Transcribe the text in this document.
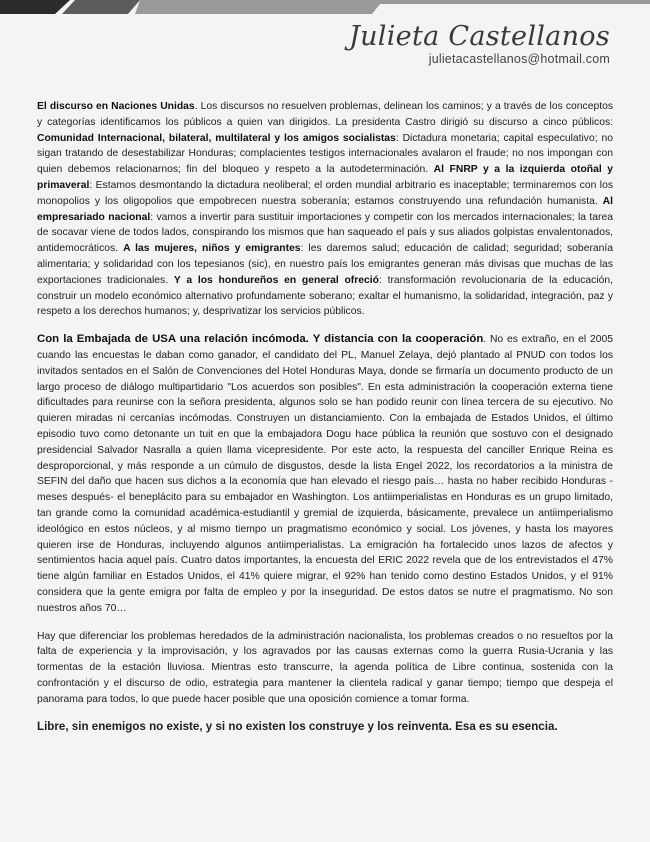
Julieta Castellanos
julietacastellanos@hotmail.com

El discurso en Naciones Unidas. Los discursos no resuelven problemas, delinean los caminos; y a través de los conceptos y categorías identificamos los públicos a quien van dirigidos. La presidenta Castro dirigió su discurso a cinco públicos: Comunidad Internacional, bilateral, multilateral y los amigos socialistas: Dictadura monetaria; capital especulativo; no sigan tratando de desestabilizar Honduras; complacientes testigos internacionales avalaron el fraude; no nos impongan con quien debemos relacionarnos; fin del bloqueo y respeto a la autodeterminación. Al FNRP y a la izquierda otoñal y primaveral: Estamos desmontando la dictadura neoliberal; el orden mundial arbitrario es inaceptable; terminaremos con los monopolios y los oligopolios que empobrecen nuestra soberanía; estamos construyendo una refundación humanista. Al empresariado nacional: vamos a invertir para sustituir importaciones y competir con los mercados internacionales; la tarea de socavar viene de todos lados, conspirando los mismos que han saqueado el país y sus aliados golpistas envalentonados, antidemocráticos. A las mujeres, niños y emigrantes: les daremos salud; educación de calidad; seguridad; soberanía alimentaria; y solidaridad con los tepesianos (sic), en nuestro país los emigrantes generan más divisas que muchas de las exportaciones tradicionales. Y a los hondureños en general ofreció: transformación revolucionaria de la educación, construir un modelo económico alternativo profundamente soberano; exaltar el humanismo, la solidaridad, integración, paz y respeto a los derechos humanos; y, desprivatizar los servicios públicos.

Con la Embajada de USA una relación incómoda. Y distancia con la cooperación. No es extraño, en el 2005 cuando las encuestas le daban como ganador, el candidato del PL, Manuel Zelaya, dejó plantado al PNUD con todos los invitados sentados en el Salón de Convenciones del Hotel Honduras Maya, donde se firmaría un documento producto de un largo proceso de diálogo multipartidario "Los acuerdos son posibles". En esta administración la cooperación externa tiene dificultades para reunirse con la señora presidenta, algunos solo se han podido reunir con línea tercera de su ejecutivo. No quieren miradas ni cercanías incómodas. Construyen un distanciamiento. Con la embajada de Estados Unidos, el último episodio tuvo como detonante un tuit en que la embajadora Dogu hace pública la reunión que sostuvo con el designado presidencial Salvador Nasralla a quien llama vicepresidente. Por este acto, la respuesta del canciller Enrique Reina es desproporcional, y más responde a un cúmulo de disgustos, desde la lista Engel 2022, los recordatorios a la ministra de SEFIN del daño que hacen sus dichos a la economía que han elevado el riesgo país… hasta no haber recibido Honduras -meses después- el beneplácito para su embajador en Washington. Los antiimperialistas en Honduras es un grupo limitado, tan grande como la comunidad académica-estudiantil y gremial de izquierda, básicamente, prevalece un antiimperialismo ideológico en estos núcleos, y al mismo tiempo un pragmatismo económico y social. Los jóvenes, y hasta los mayores quieren irse de Honduras, incluyendo algunos antiimperialistas. La emigración ha fortalecido unos lazos de afectos y sentimientos hacia aquel país. Cuatro datos importantes, la encuesta del ERIC 2022 revela que de los entrevistados el 47% tiene algún familiar en Estados Unidos, el 41% quiere migrar, el 92% han tenido como destino Estados Unidos, y el 91% considera que la gente emigra por falta de empleo y por la inseguridad. De estos datos se nutre el pragmatismo. No son nuestros años 70…

Hay que diferenciar los problemas heredados de la administración nacionalista, los problemas creados o no resueltos por la falta de experiencia y la improvisación, y los agravados por las causas externas como la guerra Rusia-Ucrania y las tormentas de la estación lluviosa. Mientras esto transcurre, la agenda política de Libre continua, sostenida con la confrontación y el discurso de odio, estrategia para mantener la clientela radical y ganar tiempo; tiempo que despeja el panorama para todos, lo que puede hacer posible que una oposición comience a tomar forma.

Libre, sin enemigos no existe, y si no existen los construye y los reinventa. Esa es su esencia.
